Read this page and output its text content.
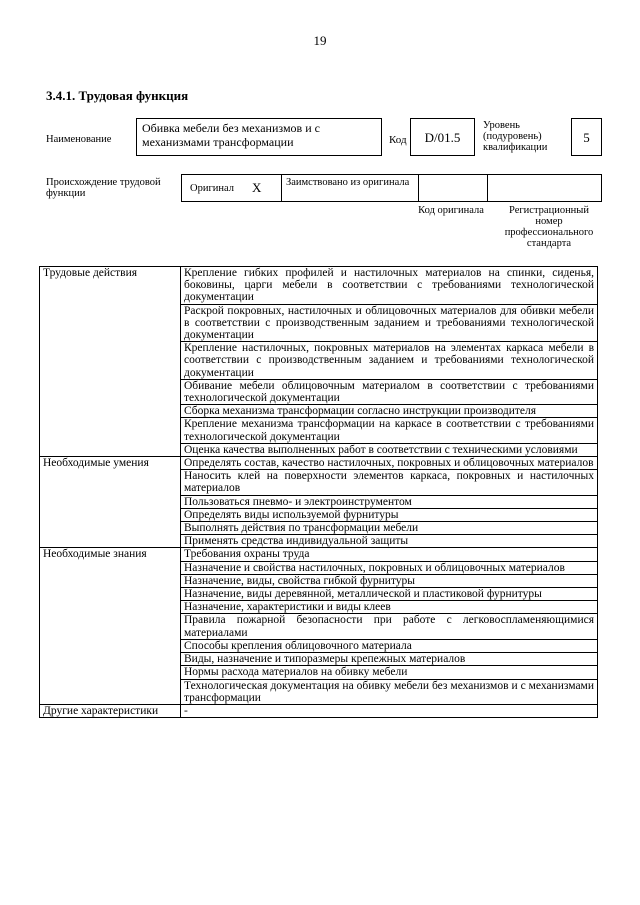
19
3.4.1. Трудовая функция
Наименование
Обивка мебели без механизмов и с механизмами трансформации	Код	D/01.5
Уровень (подуровень) квалификации
5
Происхождение трудовой функции	Оригинал X Заимствовано из оригинала
Код оригинала	Регистрационный номер профессионального стандарта
Трудовые действия	Крепление гибких профилей и настилочных материалов на спинки, сиденья, боковины, царги мебели в соответствии с требованиями технологической документации
	Раскрой покровных, настилочных и облицовочных материалов для обивки мебели в соответствии с производственным заданием и требованиями технологической документации
	Крепление настилочных, покровных материалов на элементах каркаса мебели в соответствии с производственным заданием и требованиями технологической документации
	Обивание мебели облицовочным материалом в соответствии с требованиями технологической документации
	Сборка механизма трансформации согласно инструкции производителя
	Крепление механизма трансформации на каркасе в соответствии с требованиями технологической документации
	Оценка качества выполненных работ в соответствии с техническими условиями
Необходимые умения	Определять состав, качество настилочных, покровных и облицовочных материалов
	Наносить клей на поверхности элементов каркаса, покровных и настилочных материалов
	Пользоваться пневмо- и электроинструментом
	Определять виды используемой фурнитуры
	Выполнять действия по трансформации мебели
	Применять средства индивидуальной защиты
Необходимые знания	Требования охраны труда
	Назначение и свойства настилочных, покровных и облицовочных материалов
	Назначение, виды, свойства гибкой фурнитуры
	Назначение, виды деревянной, металлической и пластиковой фурнитуры
	Назначение, характеристики и виды клеев
	Правила пожарной безопасности при работе с легковоспламеняющимися материалами
	Способы крепления облицовочного материала
	Виды, назначение и типоразмеры крепежных материалов
	Нормы расхода материалов на обивку мебели
	Технологическая документация на обивку мебели без механизмов и с механизмами трансформации
Другие характеристики	-
